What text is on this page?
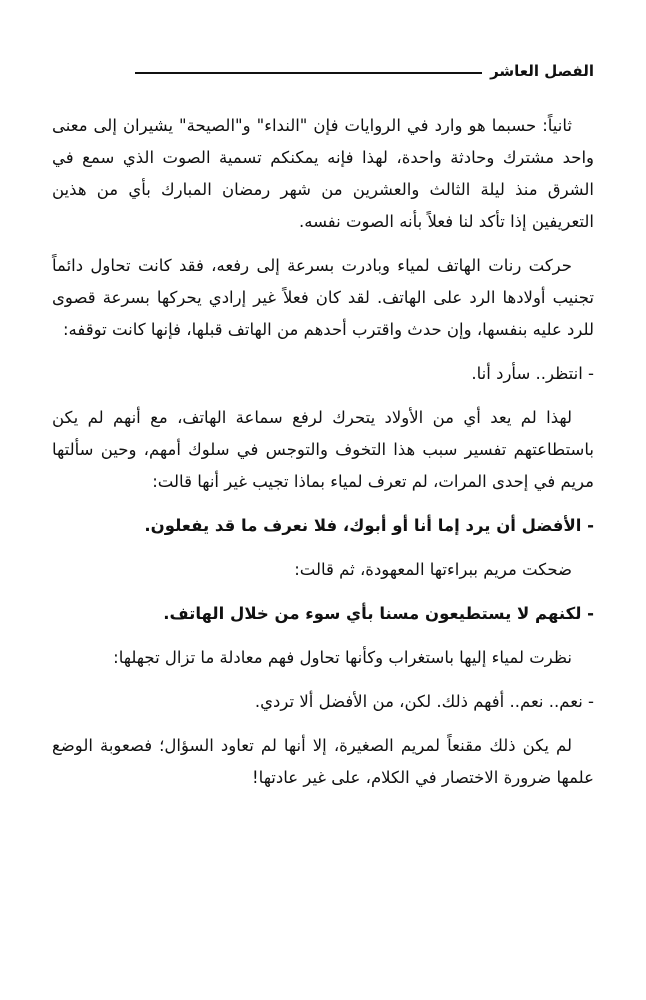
الفصل العاشر

ثانياً: حسبما هو وارد في الروايات فإن "النداء" و"الصيحة" يشيران إلى معنى واحد مشترك وحادثة واحدة، لهذا فإنه يمكنكم تسمية الصوت الذي سمع في الشرق منذ ليلة الثالث والعشرين من شهر رمضان المبارك بأي من هذين التعريفين إذا تأكد لنا فعلاً بأنه الصوت نفسه.

حركت رنات الهاتف لمياء وبادرت بسرعة إلى رفعه، فقد كانت تحاول دائماً تجنيب أولادها الرد على الهاتف. لقد كان فعلاً غير إرادي يحركها بسرعة قصوى للرد عليه بنفسها، وإن حدث واقترب أحدهم من الهاتف قبلها، فإنها كانت توقفه:

- انتظر.. سأرد أنا.

لهذا لم يعد أي من الأولاد يتحرك لرفع سماعة الهاتف، مع أنهم لم يكن باستطاعتهم تفسير سبب هذا التخوف والتوجس في سلوك أمهم، وحين سألتها مريم في إحدى المرات، لم تعرف لمياء بماذا تجيب غير أنها قالت:

- الأفضل أن يرد إما أنا أو أبوك، فلا نعرف ما قد يفعلون.

ضحكت مريم ببراءتها المعهودة، ثم قالت:

- لكنهم لا يستطيعون مسنا بأي سوء من خلال الهاتف.

نظرت لمياء إليها باستغراب وكأنها تحاول فهم معادلة ما تزال تجهلها:

- نعم.. نعم.. أفهم ذلك. لكن، من الأفضل ألا تردي.

لم يكن ذلك مقنعاً لمريم الصغيرة، إلا أنها لم تعاود السؤال؛ فصعوبة الوضع علمها ضرورة الاختصار في الكلام، على غير عادتها!
